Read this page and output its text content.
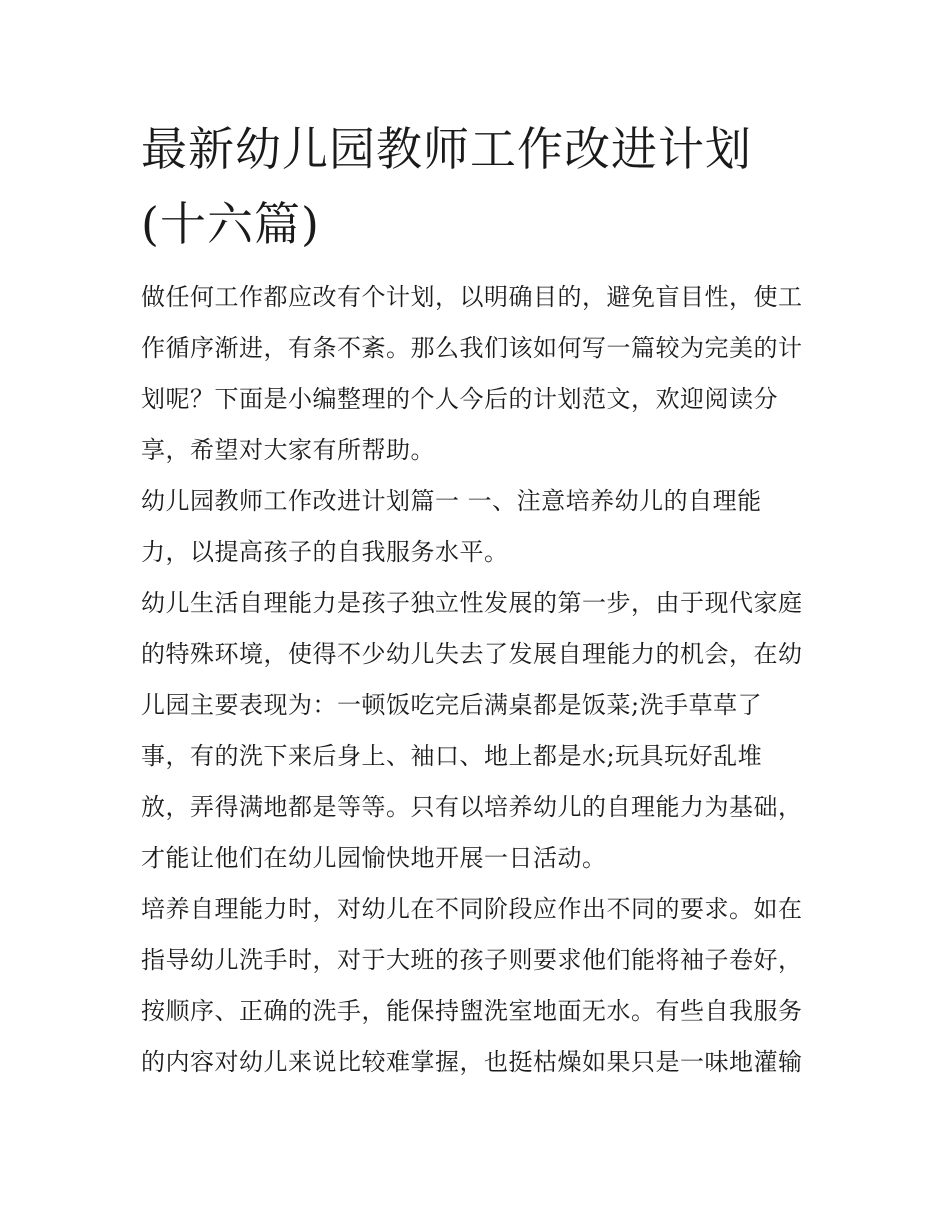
最新幼儿园教师工作改进计划
(十六篇)
做任何工作都应改有个计划，以明确目的，避免盲目性，使工
作循序渐进，有条不紊。那么我们该如何写一篇较为完美的计
划呢？下面是小编整理的个人今后的计划范文，欢迎阅读分
享，希望对大家有所帮助。
幼儿园教师工作改进计划篇一 一、注意培养幼儿的自理能
力，以提高孩子的自我服务水平。
幼儿生活自理能力是孩子独立性发展的第一步，由于现代家庭
的特殊环境，使得不少幼儿失去了发展自理能力的机会，在幼
儿园主要表现为：一顿饭吃完后满桌都是饭菜;洗手草草了
事，有的洗下来后身上、袖口、地上都是水;玩具玩好乱堆
放，弄得满地都是等等。只有以培养幼儿的自理能力为基础，
才能让他们在幼儿园愉快地开展一日活动。
培养自理能力时，对幼儿在不同阶段应作出不同的要求。如在
指导幼儿洗手时，对于大班的孩子则要求他们能将袖子卷好，
按顺序、正确的洗手，能保持盥洗室地面无水。有些自我服务
的内容对幼儿来说比较难掌握，也挺枯燥如果只是一味地灌输
